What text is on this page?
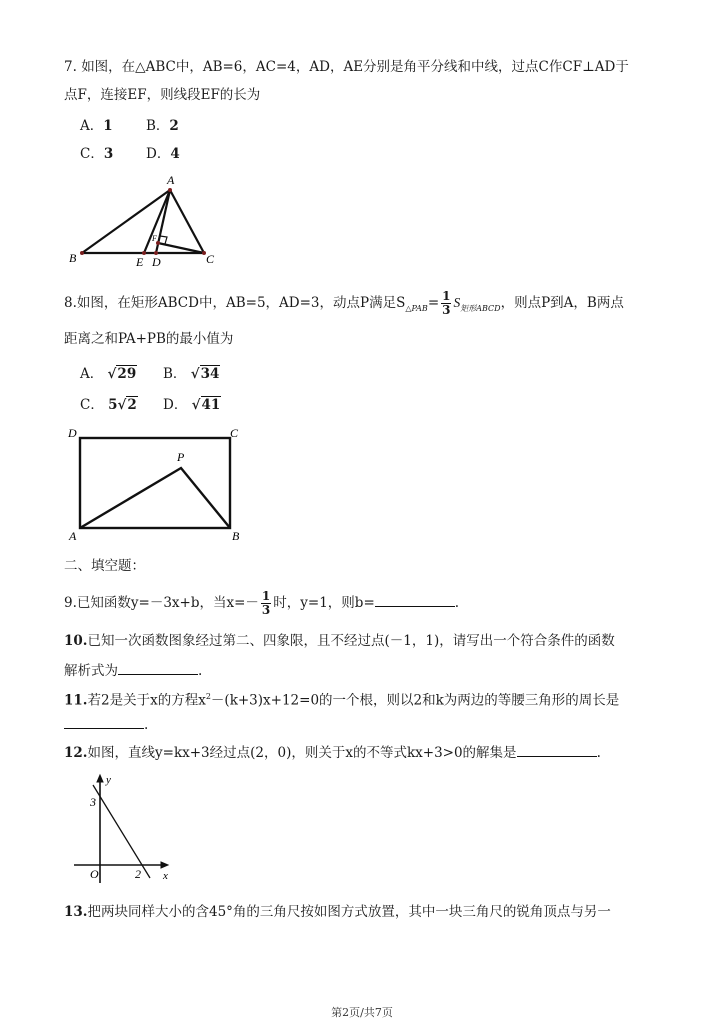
7. 如图，在△ABC中，AB=6，AC=4，AD，AE分别是角平分线和中线，过点C作CF⊥AD于
点F，连接EF，则线段EF的长为
A．1 B．2
C．3 D．4
A
B	C
D
E
F
8.如图，在矩形ABCD中，AB=5，AD=3，动点P满足$S_{\triangle PAB}= \frac{1}{3} S_{矩形ABCD}$，则点P到A，B两点
距离之和PA+PB的最小值为
A． √29 B． √34
C． 5√2 D． √41
D	C
P
A	B
二、填空题：
9.已知函数y=－3x+b，当$x=- \frac{1}{3}$ 时，y=1，则b=	.
10.已知一次函数图象经过第二、四象限，且不经过点(－1，1)，请写出一个符合条件的函数
解析式为	.
11.若2是关于x的方程$x^2-(k+3)x+12=0$的一个根，则以2和k为两边的等腰三角形的周长是
.
12.如图，直线y=kx+3经过点(2，0)，则关于x的不等式kx+3>0的解集是	.
y
x
O
3
2
13.把两块同样大小的含45°角的三角尺按如图方式放置，其中一块三角尺的锐角顶点与另一
第2页/共7页
